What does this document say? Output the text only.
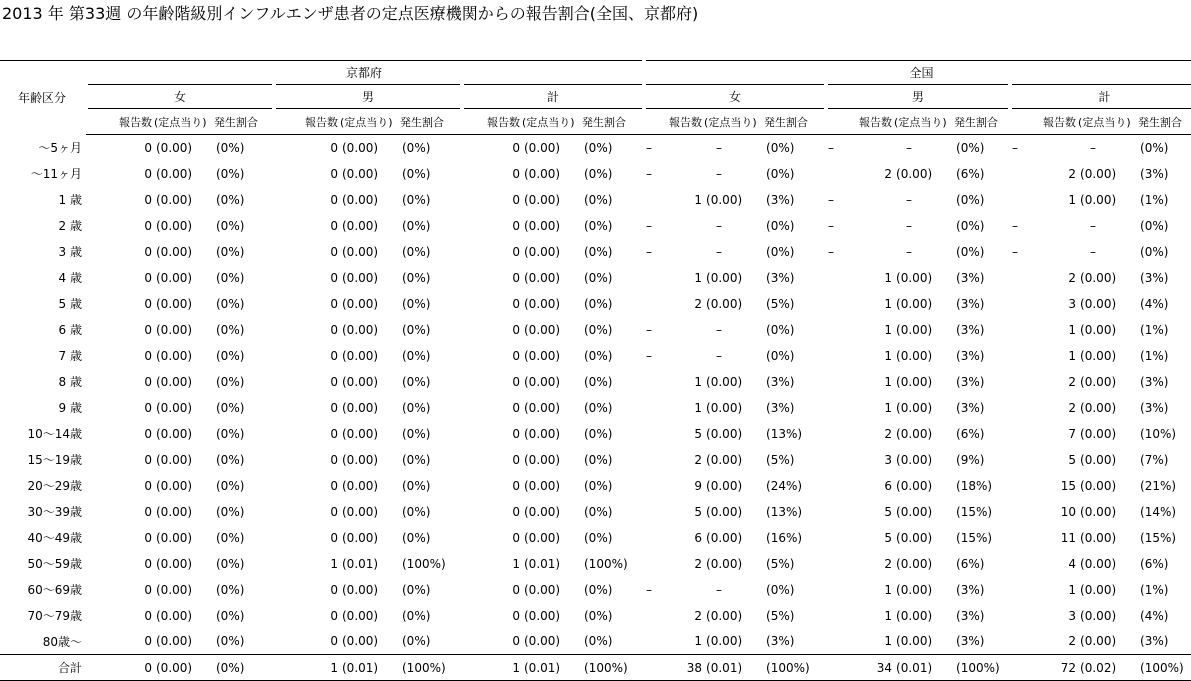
2013 年 第33週 の年齢階級別インフルエンザ患者の定点医療機関からの報告割合(全国、京都府)
年齢区分	京都府									全国								
	女			男			計			女			男			計		
	報告数	(定点当り)	発生割合	報告数	(定点当り)	発生割合	報告数	(定点当り)	発生割合	報告数	(定点当り)	発生割合	報告数	(定点当り)	発生割合	報告数	(定点当り)	発生割合
～5ヶ月	0	(0.00)	(0%)	0	(0.00)	(0%)	0	(0.00)	(0%)	–	–	(0%)	–	–	(0%)	–	–	(0%)
～11ヶ月	0	(0.00)	(0%)	0	(0.00)	(0%)	0	(0.00)	(0%)	–	–	(0%)	2	(0.00)	(6%)	2	(0.00)	(3%)
1 歳	0	(0.00)	(0%)	0	(0.00)	(0%)	0	(0.00)	(0%)	1	(0.00)	(3%)	–	–	(0%)	1	(0.00)	(1%)
2 歳	0	(0.00)	(0%)	0	(0.00)	(0%)	0	(0.00)	(0%)	–	–	(0%)	–	–	(0%)	–	–	(0%)
3 歳	0	(0.00)	(0%)	0	(0.00)	(0%)	0	(0.00)	(0%)	–	–	(0%)	–	–	(0%)	–	–	(0%)
4 歳	0	(0.00)	(0%)	0	(0.00)	(0%)	0	(0.00)	(0%)	1	(0.00)	(3%)	1	(0.00)	(3%)	2	(0.00)	(3%)
5 歳	0	(0.00)	(0%)	0	(0.00)	(0%)	0	(0.00)	(0%)	2	(0.00)	(5%)	1	(0.00)	(3%)	3	(0.00)	(4%)
6 歳	0	(0.00)	(0%)	0	(0.00)	(0%)	0	(0.00)	(0%)	–	–	(0%)	1	(0.00)	(3%)	1	(0.00)	(1%)
7 歳	0	(0.00)	(0%)	0	(0.00)	(0%)	0	(0.00)	(0%)	–	–	(0%)	1	(0.00)	(3%)	1	(0.00)	(1%)
8 歳	0	(0.00)	(0%)	0	(0.00)	(0%)	0	(0.00)	(0%)	1	(0.00)	(3%)	1	(0.00)	(3%)	2	(0.00)	(3%)
9 歳	0	(0.00)	(0%)	0	(0.00)	(0%)	0	(0.00)	(0%)	1	(0.00)	(3%)	1	(0.00)	(3%)	2	(0.00)	(3%)
10～14歳	0	(0.00)	(0%)	0	(0.00)	(0%)	0	(0.00)	(0%)	5	(0.00)	(13%)	2	(0.00)	(6%)	7	(0.00)	(10%)
15～19歳	0	(0.00)	(0%)	0	(0.00)	(0%)	0	(0.00)	(0%)	2	(0.00)	(5%)	3	(0.00)	(9%)	5	(0.00)	(7%)
20～29歳	0	(0.00)	(0%)	0	(0.00)	(0%)	0	(0.00)	(0%)	9	(0.00)	(24%)	6	(0.00)	(18%)	15	(0.00)	(21%)
30～39歳	0	(0.00)	(0%)	0	(0.00)	(0%)	0	(0.00)	(0%)	5	(0.00)	(13%)	5	(0.00)	(15%)	10	(0.00)	(14%)
40～49歳	0	(0.00)	(0%)	0	(0.00)	(0%)	0	(0.00)	(0%)	6	(0.00)	(16%)	5	(0.00)	(15%)	11	(0.00)	(15%)
50～59歳	0	(0.00)	(0%)	1	(0.01)	(100%)	1	(0.01)	(100%)	2	(0.00)	(5%)	2	(0.00)	(6%)	4	(0.00)	(6%)
60～69歳	0	(0.00)	(0%)	0	(0.00)	(0%)	0	(0.00)	(0%)	–	–	(0%)	1	(0.00)	(3%)	1	(0.00)	(1%)
70～79歳	0	(0.00)	(0%)	0	(0.00)	(0%)	0	(0.00)	(0%)	2	(0.00)	(5%)	1	(0.00)	(3%)	3	(0.00)	(4%)
80歳～	0	(0.00)	(0%)	0	(0.00)	(0%)	0	(0.00)	(0%)	1	(0.00)	(3%)	1	(0.00)	(3%)	2	(0.00)	(3%)
合計	0	(0.00)	(0%)	1	(0.01)	(100%)	1	(0.01)	(100%)	38	(0.01)	(100%)	34	(0.01)	(100%)	72	(0.02)	(100%)
